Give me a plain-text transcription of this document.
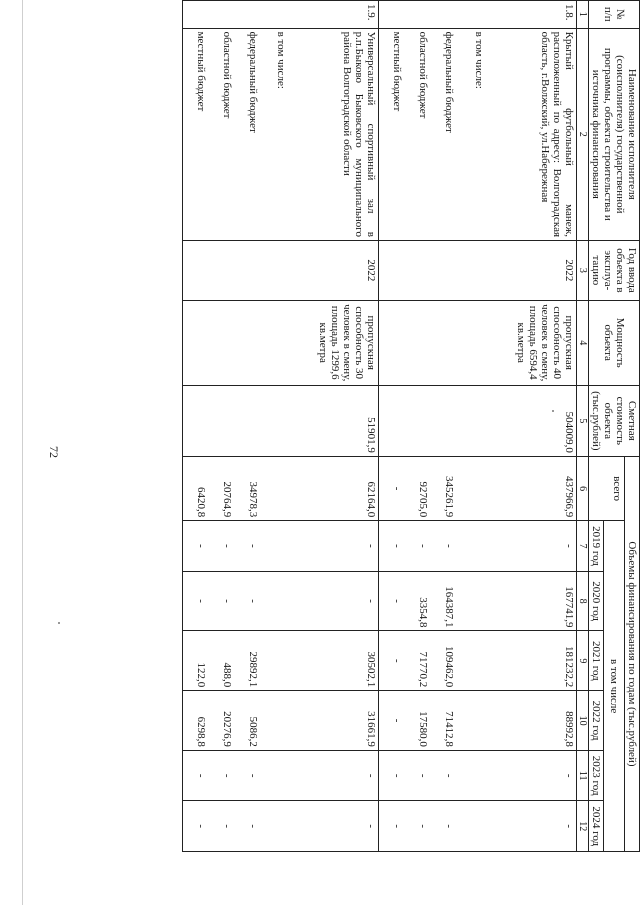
72
№ п/п	Наименование исполнителя (соисполнителя) государственной программы, объекта строительства и источника финансирования	Год ввода объекта в эксплуа-тацию	Мощность объекта	Сметная стоимость объекта (тыс.рублей)	Объемы финансирования по годам (тыс.рублей)						
					всего	в том числе					
						2019 год	2020 год	2021 год	2022 год	2023 год	2024 год
1	2	3	4	5	6	7	8	9	10	11	12
1.8.	Крытый футбольный манеж, расположенный по адресу: Волгоградская область, г.Волжский, ул.Набережная	2022	пропускная способность 40 человек в смену, площадь 6594,4 кв.метра	504009,0	437966,9	-	167741,9	181232,2	88992,8	-	-
	в том числе:										
	федеральный бюджет				345261,9	-	164387,1	109462,0	71412,8	-	-
	областной бюджет				92705,0	-	3354,8	71770,2	17580,0	-	-
	местный бюджет				-	-	-	-	-	-	-
1.9.	Универсальный спортивный зал в р.п.Быково Быковского муниципального района Волгоградской области	2022	пропускная способность 30 человек в смену, площадь 1299,6 кв.метра	51901,9	62164,0	-	-	30502,1	31661,9	-	-
	в том числе:										
	федеральный бюджет				34978,3	-	-	29892,1	5086,2	-	-
	областной бюджет				20764,9	-	-	488,0	20276,9	-	-
	местный бюджет				6420,8	-	-	122,0	6298,8	-	-
